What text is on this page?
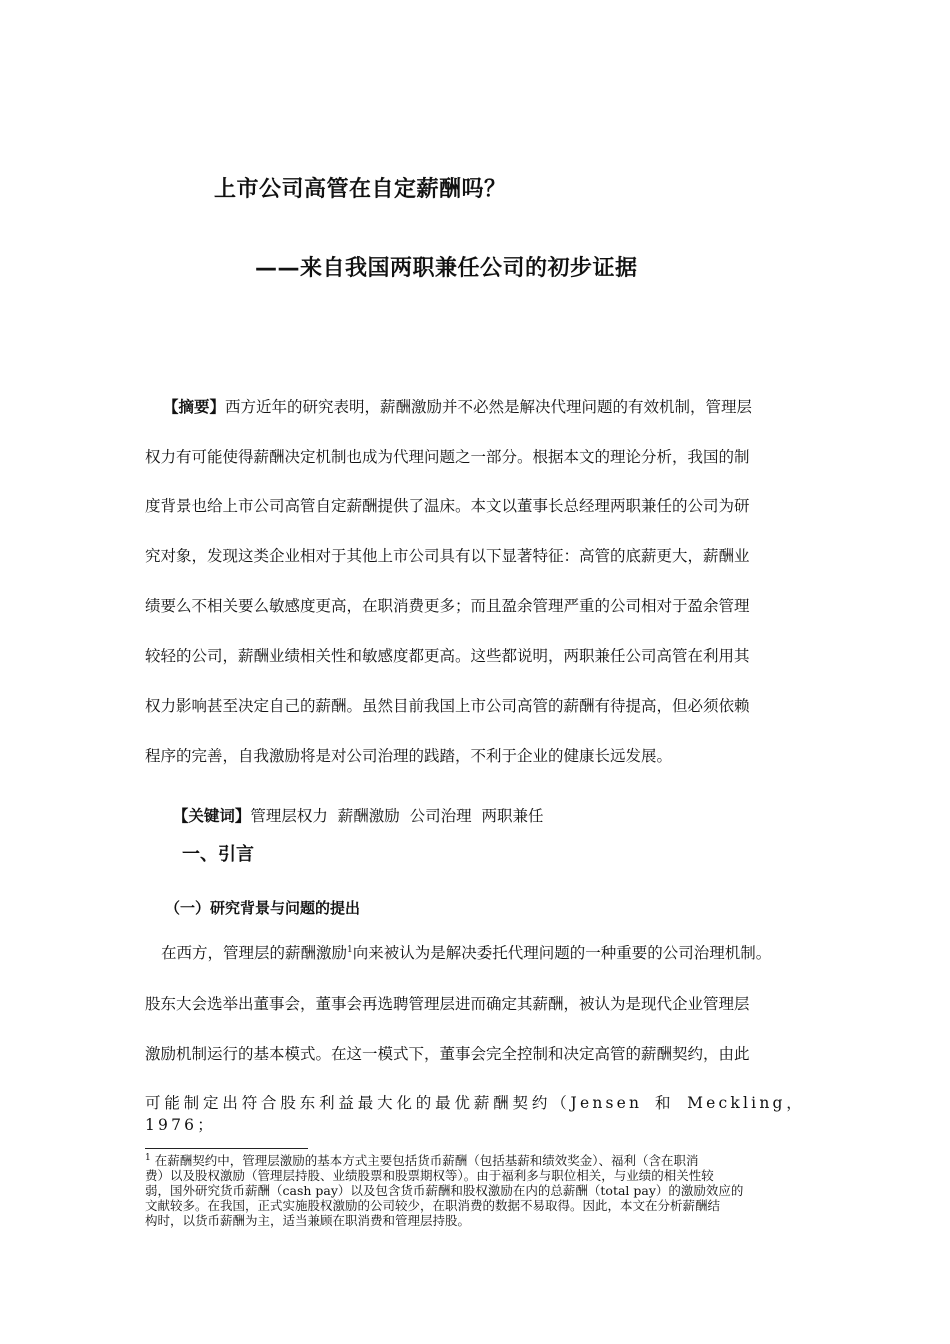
上市公司高管在自定薪酬吗？
——来自我国两职兼任公司的初步证据
【摘要】西方近年的研究表明，薪酬激励并不必然是解决代理问题的有效机制，管理层
权力有可能使得薪酬决定机制也成为代理问题之一部分。根据本文的理论分析，我国的制
度背景也给上市公司高管自定薪酬提供了温床。本文以董事长总经理两职兼任的公司为研
究对象，发现这类企业相对于其他上市公司具有以下显著特征：高管的底薪更大，薪酬业
绩要么不相关要么敏感度更高，在职消费更多；而且盈余管理严重的公司相对于盈余管理
较轻的公司，薪酬业绩相关性和敏感度都更高。这些都说明，两职兼任公司高管在利用其
权力影响甚至决定自己的薪酬。虽然目前我国上市公司高管的薪酬有待提高，但必须依赖
程序的完善，自我激励将是对公司治理的践踏，不利于企业的健康长远发展。

【关键词】管理层权力  薪酬激励  公司治理  两职兼任

一、引言
（一）研究背景与问题的提出
在西方，管理层的薪酬激励$^1$向来被认为是解决委托代理问题的一种重要的公司治理机制。
股东大会选举出董事会，董事会再选聘管理层进而确定其薪酬，被认为是现代企业管理层
激励机制运行的基本模式。在这一模式下，董事会完全控制和决定高管的薪酬契约，由此
可能制定出符合股东利益最大化的最优薪酬契约（Jensen 和 Meckling，1976；
$^1$ 在薪酬契约中，管理层激励的基本方式主要包括货币薪酬（包括基薪和绩效奖金）、福利（含在职消
费）以及股权激励（管理层持股、业绩股票和股票期权等）。由于福利多与职位相关，与业绩的相关性较
弱，国外研究货币薪酬（cash pay）以及包含货币薪酬和股权激励在内的总薪酬（total pay）的激励效应的
文献较多。在我国，正式实施股权激励的公司较少，在职消费的数据不易取得。因此，本文在分析薪酬结
构时，以货币薪酬为主，适当兼顾在职消费和管理层持股。
